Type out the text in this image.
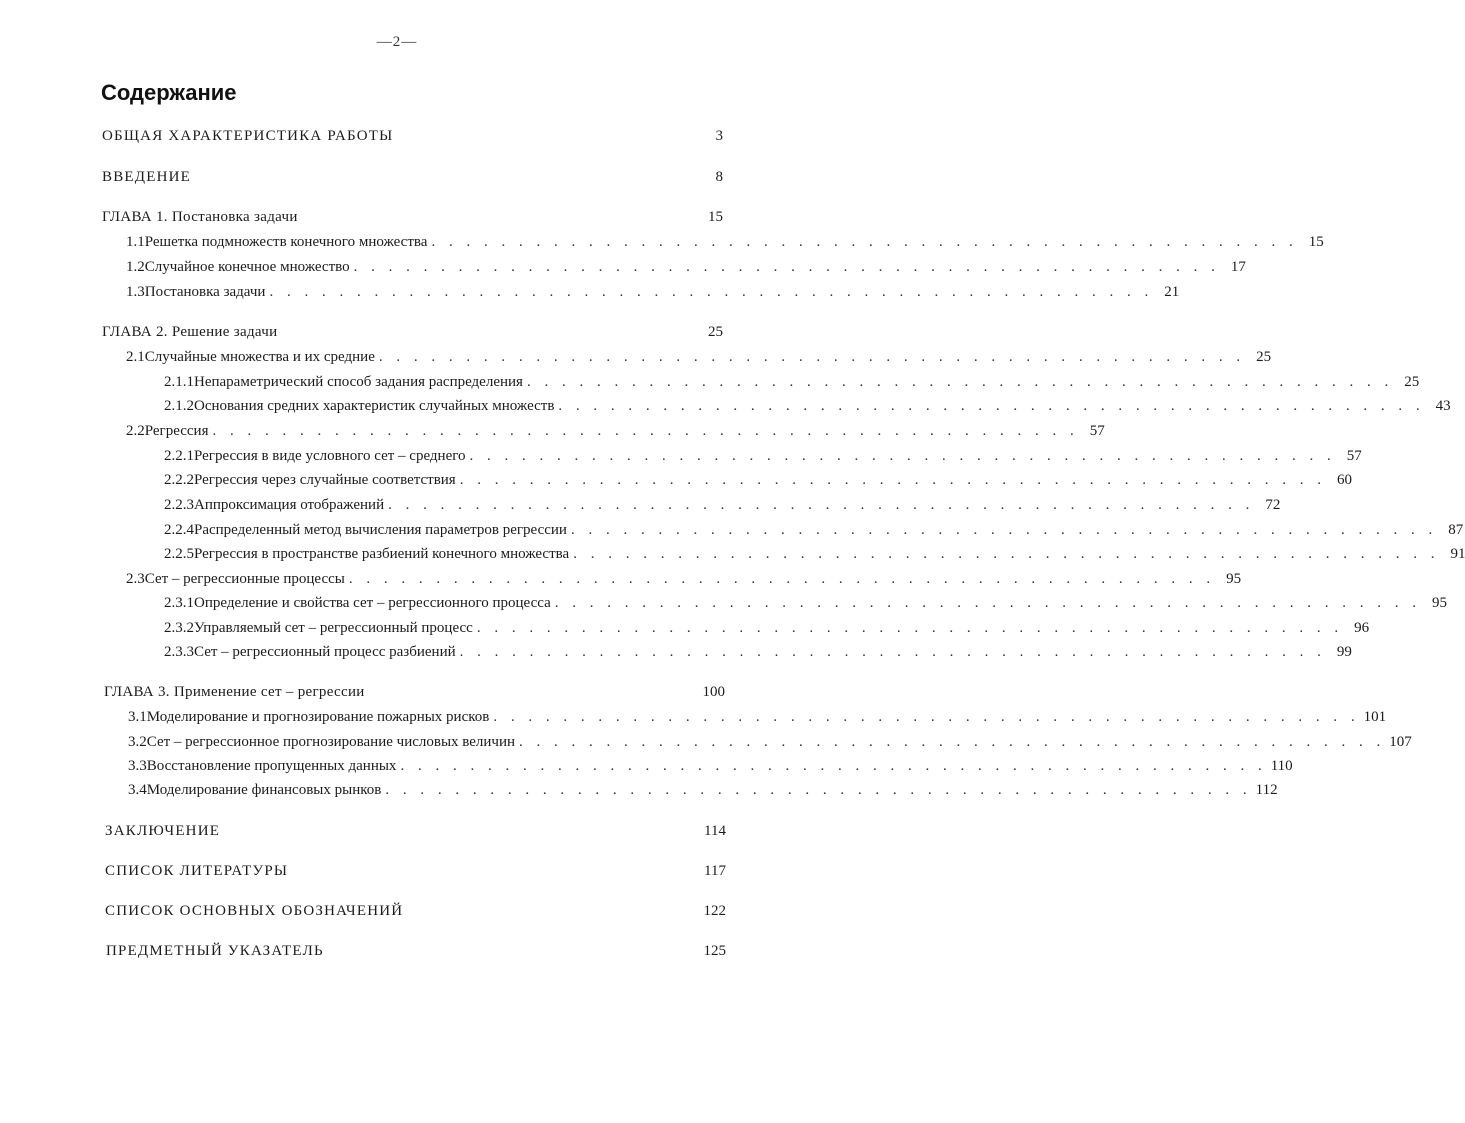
—2—
Содержание
ОБЩАЯ ХАРАКТЕРИСТИКА РАБОТЫ	3
ВВЕДЕНИЕ	8
ГЛАВА 1. Постановка задачи	15
1.1 Решетка подмножеств конечного множества . . . . . . . . . . . . . . . . . . . . . . . . . . . . . . . . . . . . . . . . . . . . . . . . . . 15
1.2 Случайное конечное множество . . . . . . . . . . . . . . . . . . . . . . . . . . . . . . . . . . . . . . . . . . . . . . . . . . 17
1.3 Постановка задачи . . . . . . . . . . . . . . . . . . . . . . . . . . . . . . . . . . . . . . . . . . . . . . . . . . . 21
ГЛАВА 2. Решение задачи	25
2.1 Случайные множества и их средние . . . . . . . . . . . . . . . . . . . . . . . . . . . . . . . . . . . . . . . . . . . . . . . . . . 25
2.1.1 Непараметрический способ задания распределения . . . . . . . . . . . . . . . . . . . . . . . . . . . . . . . . . . . . . . . . . . . . . . . . . . 25
2.1.2 Основания средних характеристик случайных множеств . . . . . . . . . . . . . . . . . . . . . . . . . . . . . . . . . . . . . . . . . . . . . . . . . . 43
2.2 Регрессия . . . . . . . . . . . . . . . . . . . . . . . . . . . . . . . . . . . . . . . . . . . . . . . . . . 57
2.2.1 Регрессия в виде условного сет – среднего . . . . . . . . . . . . . . . . . . . . . . . . . . . . . . . . . . . . . . . . . . . . . . . . . . 57
2.2.2 Регрессия через случайные соответствия . . . . . . . . . . . . . . . . . . . . . . . . . . . . . . . . . . . . . . . . . . . . . . . . . . 60
2.2.3 Аппроксимация отображений . . . . . . . . . . . . . . . . . . . . . . . . . . . . . . . . . . . . . . . . . . . . . . . . . . 72
2.2.4 Распределенный метод вычисления параметров регрессии . . . . . . . . . . . . . . . . . . . . . . . . . . . . . . . . . . . . . . . . . . . . . . . . . . 87
2.2.5 Регрессия в пространстве разбиений конечного множества . . . . . . . . . . . . . . . . . . . . . . . . . . . . . . . . . . . . . . . . . . . . . . . . . . 91
2.3 Сет – регрессионные процессы . . . . . . . . . . . . . . . . . . . . . . . . . . . . . . . . . . . . . . . . . . . . . . . . . . 95
2.3.1 Определение и свойства сет – регрессионного процесса . . . . . . . . . . . . . . . . . . . . . . . . . . . . . . . . . . . . . . . . . . . . . . . . . . 95
2.3.2 Управляемый сет – регрессионный процесс . . . . . . . . . . . . . . . . . . . . . . . . . . . . . . . . . . . . . . . . . . . . . . . . . . 96
2.3.3 Сет – регрессионный процесс разбиений . . . . . . . . . . . . . . . . . . . . . . . . . . . . . . . . . . . . . . . . . . . . . . . . . . 99
ГЛАВА 3. Применение сет – регрессии	100
3.1 Моделирование и прогнозирование пожарных рисков . . . . . . . . . . . . . . . . . . . . . . . . . . . . . . . . . . . . . . . . . . . . . . . . . . 101
3.2 Сет – регрессионное прогнозирование числовых величин . . . . . . . . . . . . . . . . . . . . . . . . . . . . . . . . . . . . . . . . . . . . . . . . . . 107
3.3 Восстановление пропущенных данных . . . . . . . . . . . . . . . . . . . . . . . . . . . . . . . . . . . . . . . . . . . . . . . . . . 110
3.4 Моделирование финансовых рынков . . . . . . . . . . . . . . . . . . . . . . . . . . . . . . . . . . . . . . . . . . . . . . . . . . 112
ЗАКЛЮЧЕНИЕ	114
СПИСОК ЛИТЕРАТУРЫ	117
СПИСОК ОСНОВНЫХ ОБОЗНАЧЕНИЙ	122
ПРЕДМЕТНЫЙ УКАЗАТЕЛЬ	125
